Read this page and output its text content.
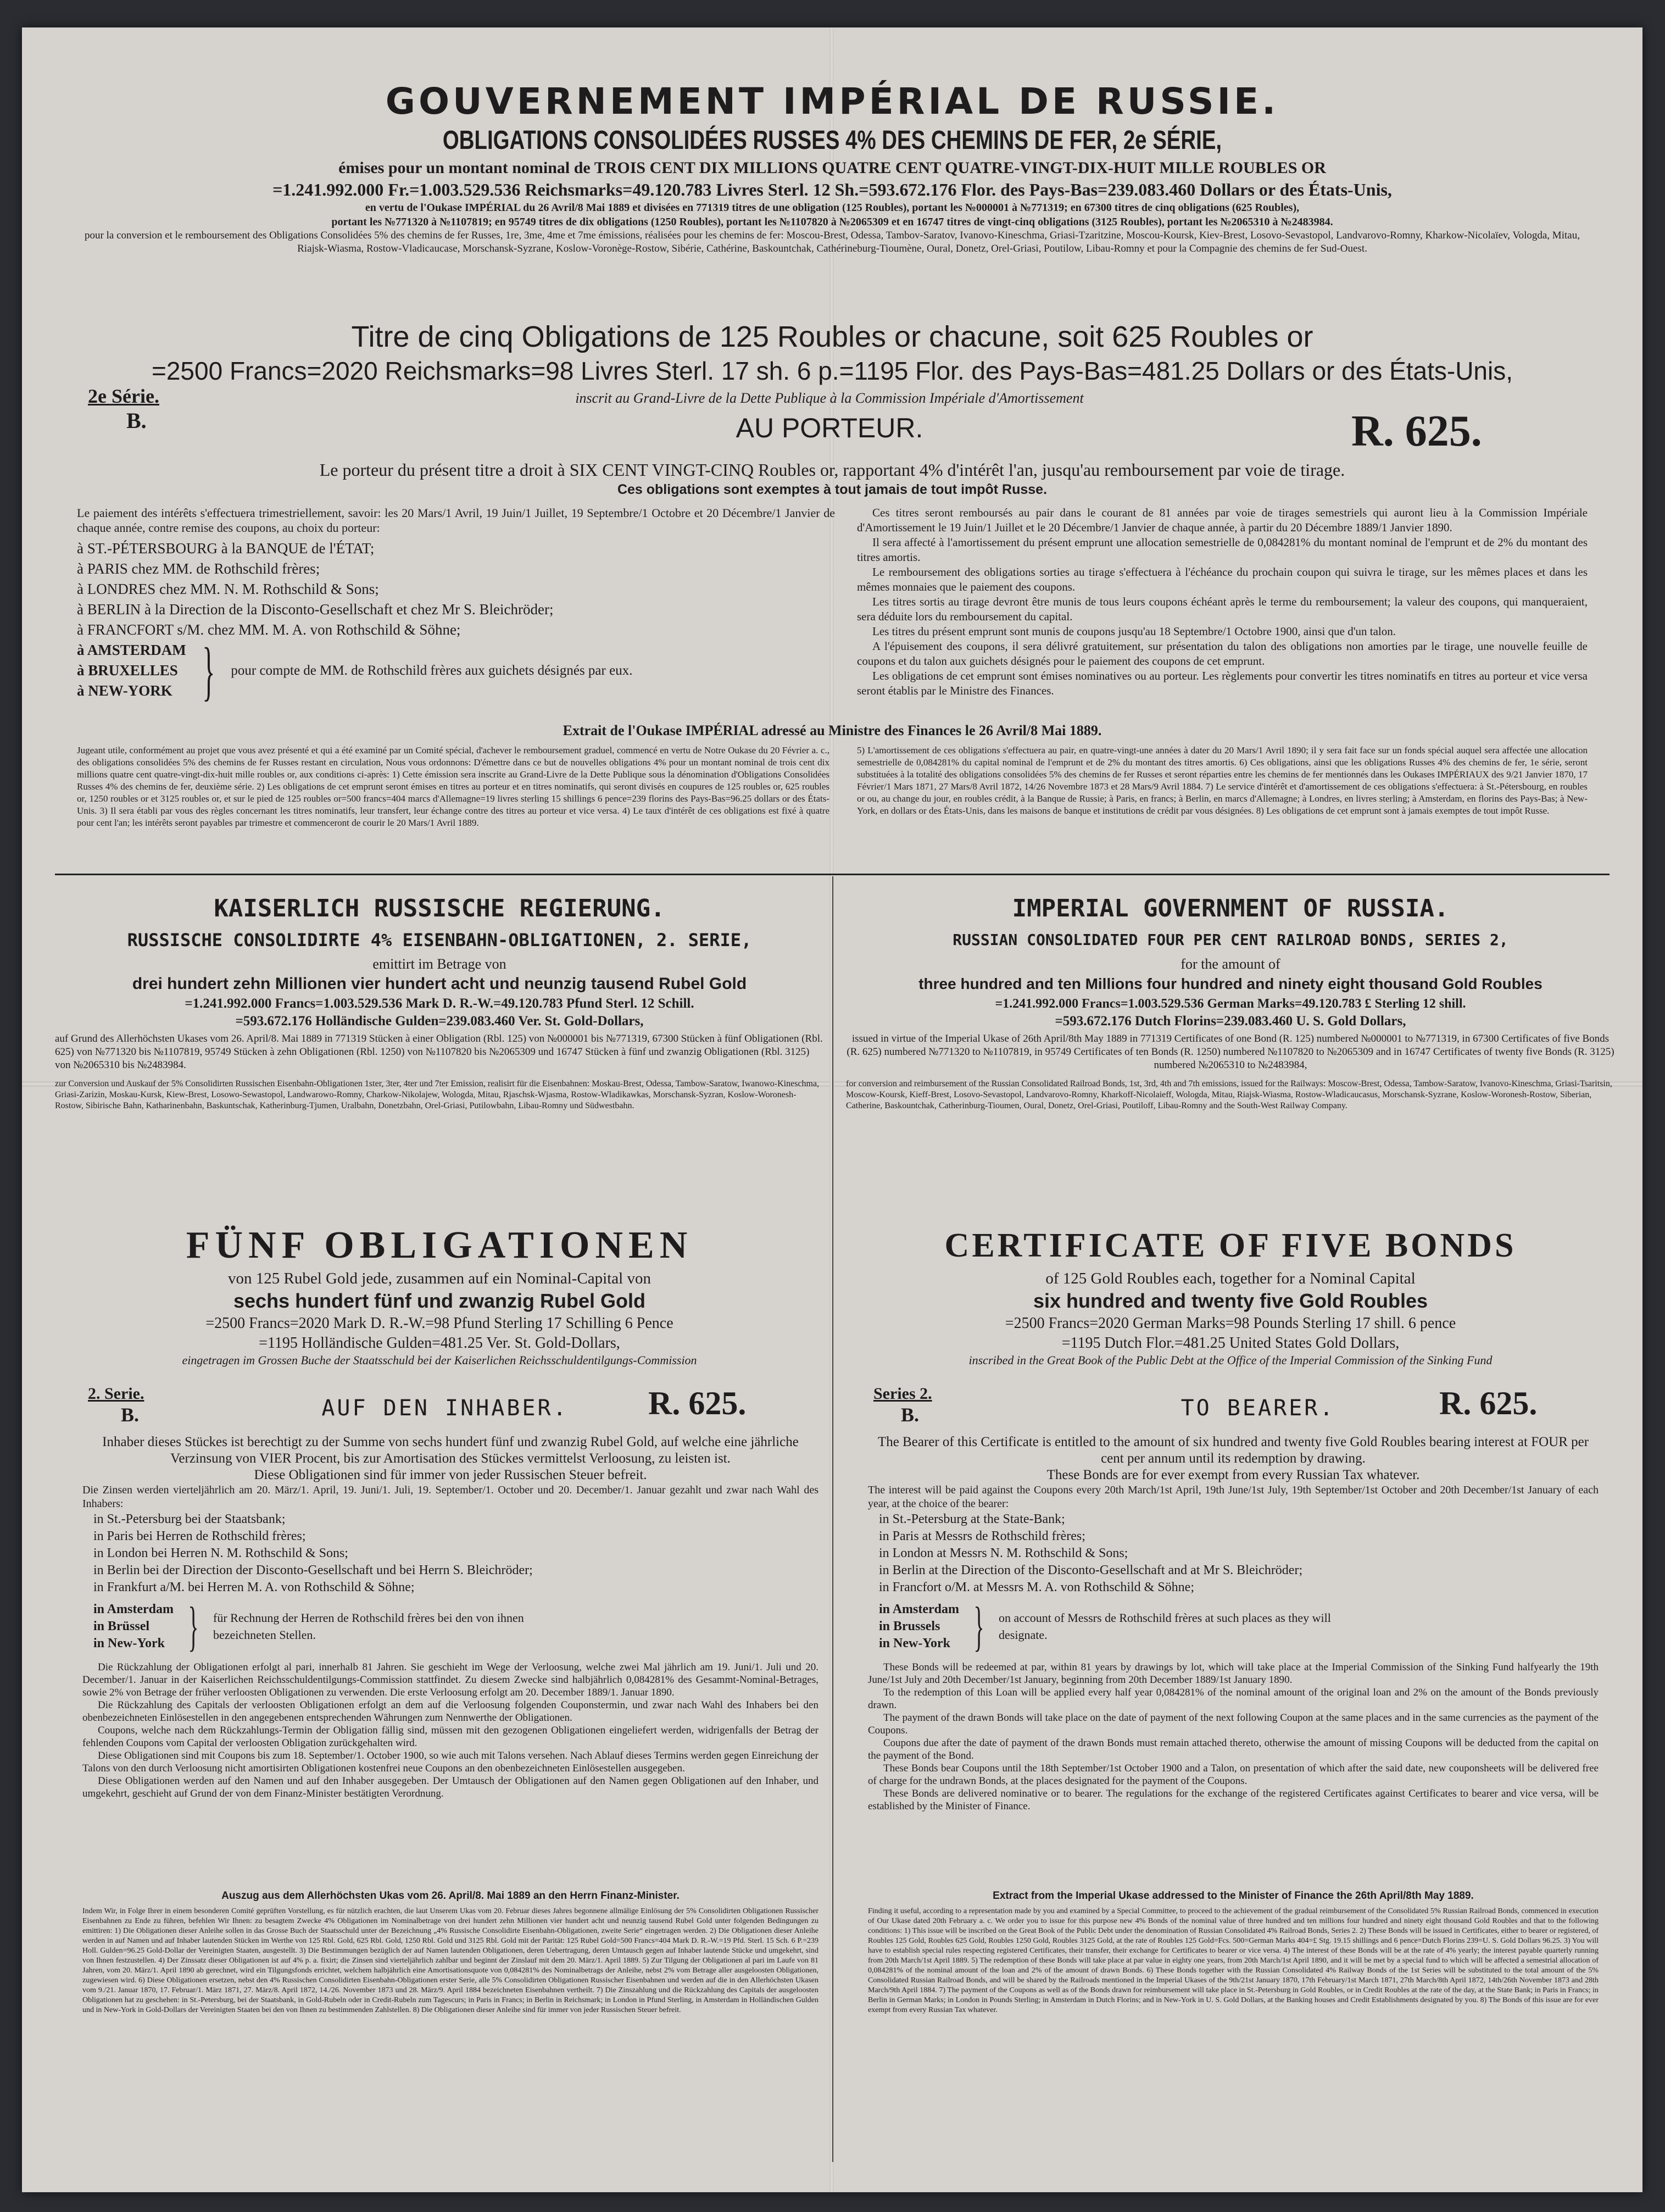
GOUVERNEMENT IMPÉRIAL DE RUSSIE.
OBLIGATIONS CONSOLIDÉES RUSSES 4% DES CHEMINS DE FER, 2e SÉRIE,
émises pour un montant nominal de TROIS CENT DIX MILLIONS QUATRE CENT QUATRE-VINGT-DIX-HUIT MILLE ROUBLES OR
=1.241.992.000 Fr.=1.003.529.536 Reichsmarks=49.120.783 Livres Sterl. 12 Sh.=593.672.176 Flor. des Pays-Bas=239.083.460 Dollars or des États-Unis,
en vertu de l'Oukase IMPÉRIAL du 26 Avril/8 Mai 1889 et divisées en 771319 titres de une obligation (125 Roubles), portant les №000001 à №771319; en 67300 titres de cinq obligations (625 Roubles),
portant les №771320 à №1107819; en 95749 titres de dix obligations (1250 Roubles), portant les №1107820 à №2065309 et en 16747 titres de vingt-cinq obligations (3125 Roubles), portant les №2065310 à №2483984.
pour la conversion et le remboursement des Obligations Consolidées 5% des chemins de fer Russes, 1re, 3me, 4me et 7me émissions, réalisées pour les chemins de fer: Moscou-Brest, Odessa, Tambov-Saratov, Ivanovo-Kineschma, Griasi-Tzaritzine, Moscou-Koursk, Kiev-Brest, Losovo-Sevastopol, Landvarovo-Romny, Kharkow-Nicolaïev, Vologda, Mitau, Riajsk-Wiasma, Rostow-Vladicaucase, Morschansk-Syzrane, Koslow-Voronège-Rostow, Sibérie, Cathérine, Baskountchak, Cathérineburg-Tioumène, Oural, Donetz, Orel-Griasi, Poutilow, Libau-Romny et pour la Compagnie des chemins de fer Sud-Ouest.
Titre de cinq Obligations de 125 Roubles or chacune, soit 625 Roubles or
=2500 Francs=2020 Reichsmarks=98 Livres Sterl. 17 sh. 6 p.=1195 Flor. des Pays-Bas=481.25 Dollars or des États-Unis,
2e Série.
B.
inscrit au Grand-Livre de la Dette Publique à la Commission Impériale d'Amortissement
AU PORTEUR.	R. 625.
Le porteur du présent titre a droit à SIX CENT VINGT-CINQ Roubles or, rapportant 4% d'intérêt l'an, jusqu'au remboursement par voie de tirage.
Ces obligations sont exemptes à tout jamais de tout impôt Russe.
Le paiement des intérêts s'effectuera trimestriellement, savoir: les 20 Mars/1 Avril, 19 Juin/1 Juillet, 19 Septembre/1 Octobre et 20 Décembre/1 Janvier de chaque année, contre remise des coupons, au choix du porteur:
à ST.-PÉTERSBOURG à la BANQUE de l'ÉTAT;
à PARIS chez MM. de Rothschild frères;
à LONDRES chez MM. N. M. Rothschild & Sons;
à BERLIN à la Direction de la Disconto-Gesellschaft et chez Mr S. Bleichröder;
à FRANCFORT s/M. chez MM. M. A. von Rothschild & Söhne;
à AMSTERDAM
à BRUXELLES
à NEW-YORK } pour compte de MM. de Rothschild frères aux guichets désignés par eux.

Ces titres seront remboursés au pair dans le courant de 81 années par voie de tirages semestriels qui auront lieu à la Commission Impériale d'Amortissement le 19 Juin/1 Juillet et le 20 Décembre/1 Janvier de chaque année, à partir du 20 Décembre 1889/1 Janvier 1890.

Il sera affecté à l'amortissement du présent emprunt une allocation semestrielle de 0,084281% du montant nominal de l'emprunt et de 2% du montant des titres amortis.

Le remboursement des obligations sorties au tirage s'effectuera à l'échéance du prochain coupon qui suivra le tirage, sur les mêmes places et dans les mêmes monnaies que le paiement des coupons.

Les titres sortis au tirage devront être munis de tous leurs coupons échéant après le terme du remboursement; la valeur des coupons, qui manqueraient, sera déduite lors du remboursement du capital.

Les titres du présent emprunt sont munis de coupons jusqu'au 18 Septembre/1 Octobre 1900, ainsi que d'un talon.

A l'épuisement des coupons, il sera délivré gratuitement, sur présentation du talon des obligations non amorties par le tirage, une nouvelle feuille de coupons et du talon aux guichets désignés pour le paiement des coupons de cet emprunt.

Les obligations de cet emprunt sont émises nominatives ou au porteur. Les règlements pour convertir les titres nominatifs en titres au porteur et vice versa seront établis par le Ministre des Finances.

Extrait de l'Oukase IMPÉRIAL adressé au Ministre des Finances le 26 Avril/8 Mai 1889.
Jugeant utile, conformément au projet que vous avez présenté et qui a été examiné par un Comité spécial, d'achever le remboursement graduel, commencé en vertu de Notre Oukase du 20 Février a. c., des obligations consolidées 5% des chemins de fer Russes restant en circulation, Nous vous ordonnons: D'émettre dans ce but de nouvelles obligations 4% pour un montant nominal de trois cent dix millions quatre cent quatre-vingt-dix-huit mille roubles or, aux conditions ci-après: 1) Cette émission sera inscrite au Grand-Livre de la Dette Publique sous la dénomination d'Obligations Consolidées Russes 4% des chemins de fer, deuxième série. 2) Les obligations de cet emprunt seront émises en titres au porteur et en titres nominatifs, qui seront divisés en coupures de 125 roubles or, 625 roubles or, 1250 roubles or et 3125 roubles or, et sur le pied de 125 roubles or=500 francs=404 marcs d'Allemagne=19 livres sterling 15 shillings 6 pence=239 florins des Pays-Bas=96.25 dollars or des États-Unis. 3) Il sera établi par vous des règles concernant les titres nominatifs, leur transfert, leur échange contre des titres au porteur et vice versa. 4) Le taux d'intérêt de ces obligations est fixé à quatre pour cent l'an; les intérêts seront payables par trimestre et commenceront de courir le 20 Mars/1 Avril 1889.
5) L'amortissement de ces obligations s'effectuera au pair, en quatre-vingt-une années à dater du 20 Mars/1 Avril 1890; il y sera fait face sur un fonds spécial auquel sera affectée une allocation semestrielle de 0,084281% du capital nominal de l'emprunt et de 2% du montant des titres amortis. 6) Ces obligations, ainsi que les obligations Russes 4% des chemins de fer, 1e série, seront substituées à la totalité des obligations consolidées 5% des chemins de fer Russes et seront réparties entre les chemins de fer mentionnés dans les Oukases IMPÉRIAUX des 9/21 Janvier 1870, 17 Février/1 Mars 1871, 27 Mars/8 Avril 1872, 14/26 Novembre 1873 et 28 Mars/9 Avril 1884. 7) Le service d'intérêt et d'amortissement de ces obligations s'effectuera: à St.-Pétersbourg, en roubles or ou, au change du jour, en roubles crédit, à la Banque de Russie; à Paris, en francs; à Berlin, en marcs d'Allemagne; à Londres, en livres sterling; à Amsterdam, en florins des Pays-Bas; à New-York, en dollars or des États-Unis, dans les maisons de banque et institutions de crédit par vous désignées. 8) Les obligations de cet emprunt sont à jamais exemptes de tout impôt Russe.
KAISERLICH RUSSISCHE REGIERUNG.
RUSSISCHE CONSOLIDIRTE 4% EISENBAHN-OBLIGATIONEN, 2. SERIE,
emittirt im Betrage von
drei hundert zehn Millionen vier hundert acht und neunzig tausend Rubel Gold
=1.241.992.000 Francs=1.003.529.536 Mark D. R.-W.=49.120.783 Pfund Sterl. 12 Schill.
=593.672.176 Holländische Gulden=239.083.460 Ver. St. Gold-Dollars,
auf Grund des Allerhöchsten Ukases vom 26. April/8. Mai 1889 in 771319 Stücken à einer Obligation (Rbl. 125) von №000001 bis №771319, 67300 Stücken à fünf Obligationen (Rbl. 625) von №771320 bis №1107819, 95749 Stücken à zehn Obligationen (Rbl. 1250) von №1107820 bis №2065309 und 16747 Stücken à fünf und zwanzig Obligationen (Rbl. 3125) von №2065310 bis №2483984.
zur Conversion und Auskauf der 5% Consolidirten Russischen Eisenbahn-Obligationen 1ster, 3ter, 4ter und 7ter Emission, realisirt für die Eisenbahnen: Moskau-Brest, Odessa, Tambow-Saratow, Iwanowo-Kineschma, Griasi-Zarizin, Moskau-Kursk, Kiew-Brest, Losowo-Sewastopol, Landwarowo-Romny, Charkow-Nikolajew, Wologda, Mitau, Rjaschsk-Wjasma, Rostow-Wladikawkas, Morschansk-Syzran, Koslow-Woronesh-Rostow, Sibirische Bahn, Katharinenbahn, Baskuntschak, Katherinburg-Tjumen, Uralbahn, Donetzbahn, Orel-Griasi, Putilowbahn, Libau-Romny und Südwestbahn.
FÜNF OBLIGATIONEN
von 125 Rubel Gold jede, zusammen auf ein Nominal-Capital von
sechs hundert fünf und zwanzig Rubel Gold
=2500 Francs=2020 Mark D. R.-W.=98 Pfund Sterling 17 Schilling 6 Pence
=1195 Holländische Gulden=481.25 Ver. St. Gold-Dollars,
eingetragen im Grossen Buche der Staatsschuld bei der Kaiserlichen Reichsschuldentilgungs-Commission
2. Serie.
B.	AUF DEN INHABER.	R. 625.
Inhaber dieses Stückes ist berechtigt zu der Summe von sechs hundert fünf und zwanzig Rubel Gold, auf welche eine jährliche Verzinsung von VIER Procent, bis zur Amortisation des Stückes vermittelst Verloosung, zu leisten ist.
Diese Obligationen sind für immer von jeder Russischen Steuer befreit.
Die Zinsen werden vierteljährlich am 20. März/1. April, 19. Juni/1. Juli, 19. September/1. October und 20. December/1. Januar gezahlt und zwar nach Wahl des Inhabers:
in St.-Petersburg bei der Staatsbank;
in Paris bei Herren de Rothschild frères;
in London bei Herren N. M. Rothschild & Sons;
in Berlin bei der Direction der Disconto-Gesellschaft und bei Herrn S. Bleichröder;
in Frankfurt a/M. bei Herren M. A. von Rothschild & Söhne;
in Amsterdam
in Brüssel
in New-York } für Rechnung der Herren de Rothschild frères bei den von ihnen bezeichneten Stellen.

Die Rückzahlung der Obligationen erfolgt al pari, innerhalb 81 Jahren. Sie geschieht im Wege der Verloosung, welche zwei Mal jährlich am 19. Juni/1. Juli und 20. December/1. Januar in der Kaiserlichen Reichsschuldentilgungs-Commission stattfindet. Zu diesem Zwecke sind halbjährlich 0,084281% des Gesammt-Nominal-Betrages, sowie 2% von Betrage der früher verloosten Obligationen zu verwenden. Die erste Verloosung erfolgt am 20. December 1889/1. Januar 1890.

Die Rückzahlung des Capitals der verloosten Obligationen erfolgt an dem auf die Verloosung folgenden Couponstermin, und zwar nach Wahl des Inhabers bei den obenbezeichneten Einlösestellen in den angegebenen entsprechenden Währungen zum Nennwerthe der Obligationen.

Coupons, welche nach dem Rückzahlungs-Termin der Obligation fällig sind, müssen mit den gezogenen Obligationen eingeliefert werden, widrigenfalls der Betrag der fehlenden Coupons vom Capital der verloosten Obligation zurückgehalten wird.

Diese Obligationen sind mit Coupons bis zum 18. September/1. October 1900, so wie auch mit Talons versehen. Nach Ablauf dieses Termins werden gegen Einreichung der Talons von den durch Verloosung nicht amortisirten Obligationen kostenfrei neue Coupons an den obenbezeichneten Einlösestellen ausgegeben.

Diese Obligationen werden auf den Namen und auf den Inhaber ausgegeben. Der Umtausch der Obligationen auf den Namen gegen Obligationen auf den Inhaber, und umgekehrt, geschieht auf Grund der von dem Finanz-Minister bestätigten Verordnung.

Auszug aus dem Allerhöchsten Ukas vom 26. April/8. Mai 1889 an den Herrn Finanz-Minister.
Indem Wir, in Folge Ihrer in einem besonderen Comité geprüften Vorstellung, es für nützlich erachten, die laut Unserem Ukas vom 20. Februar dieses Jahres begonnene allmälige Einlösung der 5% Consolidirten Obligationen Russischer Eisenbahnen zu Ende zu führen, befehlen Wir Ihnen: zu besagtem Zwecke 4% Obligationen im Nominalbetrage von drei hundert zehn Millionen vier hundert acht und neunzig tausend Rubel Gold unter folgenden Bedingungen zu emittiren: 1) Die Obligationen dieser Anleihe sollen in das Grosse Buch der Staatsschuld unter der Bezeichnung „4% Russische Consolidirte Eisenbahn-Obligationen, zweite Serie“ eingetragen werden. 2) Die Obligationen dieser Anleihe werden in auf Namen und auf Inhaber lautenden Stücken im Werthe von 125 Rbl. Gold, 625 Rbl. Gold, 1250 Rbl. Gold und 3125 Rbl. Gold mit der Parität: 125 Rubel Gold=500 Francs=404 Mark D. R.-W.=19 Pfd. Sterl. 15 Sch. 6 P.=239 Holl. Gulden=96.25 Gold-Dollar der Vereinigten Staaten, ausgestellt. 3) Die Bestimmungen bezüglich der auf Namen lautenden Obligationen, deren Uebertragung, deren Umtausch gegen auf Inhaber lautende Stücke und umgekehrt, sind von Ihnen festzustellen. 4) Der Zinssatz dieser Obligationen ist auf 4% p. a. fixirt; die Zinsen sind vierteljährlich zahlbar und beginnt der Zinslauf mit dem 20. März/1. April 1889. 5) Zur Tilgung der Obligationen al pari im Laufe von 81 Jahren, vom 20. März/1. April 1890 ab gerechnet, wird ein Tilgungsfonds errichtet, welchem halbjährlich eine Amortisationsquote von 0,084281% des Nominalbetrags der Anleihe, nebst 2% vom Betrage aller ausgeloosten Obligationen, zugewiesen wird. 6) Diese Obligationen ersetzen, nebst den 4% Russischen Consolidirten Eisenbahn-Obligationen erster Serie, alle 5% Consolidirten Obligationen Russischer Eisenbahnen und werden auf die in den Allerhöchsten Ukasen vom 9./21. Januar 1870, 17. Februar/1. März 1871, 27. März/8. April 1872, 14./26. November 1873 und 28. März/9. April 1884 bezeichneten Eisenbahnen vertheilt. 7) Die Zinszahlung und die Rückzahlung des Capitals der ausgeloosten Obligationen hat zu geschehen: in St.-Petersburg, bei der Staatsbank, in Gold-Rubeln oder in Credit-Rubeln zum Tagescurs; in Paris in Francs; in Berlin in Reichsmark; in London in Pfund Sterling, in Amsterdam in Holländischen Gulden und in New-York in Gold-Dollars der Vereinigten Staaten bei den von Ihnen zu bestimmenden Zahlstellen. 8) Die Obligationen dieser Anleihe sind für immer von jeder Russischen Steuer befreit.
IMPERIAL GOVERNMENT OF RUSSIA.
RUSSIAN CONSOLIDATED FOUR PER CENT RAILROAD BONDS, SERIES 2,
for the amount of
three hundred and ten Millions four hundred and ninety eight thousand Gold Roubles
=1.241.992.000 Francs=1.003.529.536 German Marks=49.120.783 £ Sterling 12 shill.
=593.672.176 Dutch Florins=239.083.460 U. S. Gold Dollars,
issued in virtue of the Imperial Ukase of 26th April/8th May 1889 in 771319 Certificates of one Bond (R. 125) numbered №000001 to №771319, in 67300 Certificates of five Bonds (R. 625) numbered №771320 to №1107819, in 95749 Certificates of ten Bonds (R. 1250) numbered №1107820 to №2065309 and in 16747 Certificates of twenty five Bonds (R. 3125) numbered №2065310 to №2483984,
for conversion and reimbursement of the Russian Consolidated Railroad Bonds, 1st, 3rd, 4th and 7th emissions, issued for the Railways: Moscow-Brest, Odessa, Tambow-Saratow, Ivanovo-Kineschma, Griasi-Tsaritsin, Moscow-Koursk, Kieff-Brest, Losovo-Sevastopol, Landvarovo-Romny, Kharkoff-Nicolaieff, Wologda, Mitau, Riajsk-Wiasma, Rostow-Wladicaucasus, Morschansk-Syzrane, Koslow-Woronesh-Rostow, Siberian, Catherine, Baskountchak, Catherinburg-Tioumen, Oural, Donetz, Orel-Griasi, Poutiloff, Libau-Romny and the South-West Railway Company.
CERTIFICATE OF FIVE BONDS
of 125 Gold Roubles each, together for a Nominal Capital
six hundred and twenty five Gold Roubles
=2500 Francs=2020 German Marks=98 Pounds Sterling 17 shill. 6 pence
=1195 Dutch Flor.=481.25 United States Gold Dollars,
inscribed in the Great Book of the Public Debt at the Office of the Imperial Commission of the Sinking Fund
Series 2.
B.	TO BEARER.	R. 625.
The Bearer of this Certificate is entitled to the amount of six hundred and twenty five Gold Roubles bearing interest at FOUR per cent per annum until its redemption by drawing.
These Bonds are for ever exempt from every Russian Tax whatever.
The interest will be paid against the Coupons every 20th March/1st April, 19th June/1st July, 19th September/1st October and 20th December/1st January of each year, at the choice of the bearer:
in St.-Petersburg at the State-Bank;
in Paris at Messrs de Rothschild frères;
in London at Messrs N. M. Rothschild & Sons;
in Berlin at the Direction of the Disconto-Gesellschaft and at Mr S. Bleichröder;
in Francfort o/M. at Messrs M. A. von Rothschild & Söhne;
in Amsterdam
in Brussels
in New-York } on account of Messrs de Rothschild frères at such places as they will designate.

These Bonds will be redeemed at par, within 81 years by drawings by lot, which will take place at the Imperial Commission of the Sinking Fund halfyearly the 19th June/1st July and 20th December/1st January, beginning from 20th December 1889/1st January 1890.

To the redemption of this Loan will be applied every half year 0,084281% of the nominal amount of the original loan and 2% on the amount of the Bonds previously drawn.

The payment of the drawn Bonds will take place on the date of payment of the next following Coupon at the same places and in the same currencies as the payment of the Coupons.

Coupons due after the date of payment of the drawn Bonds must remain attached thereto, otherwise the amount of missing Coupons will be deducted from the capital on the payment of the Bond.

These Bonds bear Coupons until the 18th September/1st October 1900 and a Talon, on presentation of which after the said date, new couponsheets will be delivered free of charge for the undrawn Bonds, at the places designated for the payment of the Coupons.

These Bonds are delivered nominative or to bearer. The regulations for the exchange of the registered Certificates against Certificates to bearer and vice versa, will be established by the Minister of Finance.

Extract from the Imperial Ukase addressed to the Minister of Finance the 26th April/8th May 1889.
Finding it useful, according to a representation made by you and examined by a Special Committee, to proceed to the achievement of the gradual reimbursement of the Consolidated 5% Russian Railroad Bonds, commenced in execution of Our Ukase dated 20th February a. c. We order you to issue for this purpose new 4% Bonds of the nominal value of three hundred and ten millions four hundred and ninety eight thousand Gold Roubles and that to the following conditions: 1) This issue will be inscribed on the Great Book of the Public Debt under the denomination of Russian Consolidated 4% Railroad Bonds, Series 2. 2) These Bonds will be issued in Certificates, either to bearer or registered, of Roubles 125 Gold, Roubles 625 Gold, Roubles 1250 Gold, Roubles 3125 Gold, at the rate of Roubles 125 Gold=Fcs. 500=German Marks 404=£ Stg. 19.15 shillings and 6 pence=Dutch Florins 239=U. S. Gold Dollars 96.25. 3) You will have to establish special rules respecting registered Certificates, their transfer, their exchange for Certificates to bearer or vice versa. 4) The interest of these Bonds will be at the rate of 4% yearly; the interest payable quarterly running from 20th March/1st April 1889. 5) The redemption of these Bonds will take place at par value in eighty one years, from 20th March/1st April 1890, and it will be met by a special fund to which will be affected a semestrial allocation of 0,084281% of the nominal amount of the loan and 2% of the amount of drawn Bonds. 6) These Bonds together with the Russian Consolidated 4% Railway Bonds of the 1st Series will be substituted to the total amount of the 5% Consolidated Russian Railroad Bonds, and will be shared by the Railroads mentioned in the Imperial Ukases of the 9th/21st January 1870, 17th February/1st March 1871, 27th March/8th April 1872, 14th/26th November 1873 and 28th March/9th April 1884. 7) The payment of the Coupons as well as of the Bonds drawn for reimbursement will take place in St.-Petersburg in Gold Roubles, or in Credit Roubles at the rate of the day, at the State Bank; in Paris in Francs; in Berlin in German Marks; in London in Pounds Sterling; in Amsterdam in Dutch Florins; and in New-York in U. S. Gold Dollars, at the Banking houses and Credit Establishments designated by you. 8) The Bonds of this issue are for ever exempt from every Russian Tax whatever.
